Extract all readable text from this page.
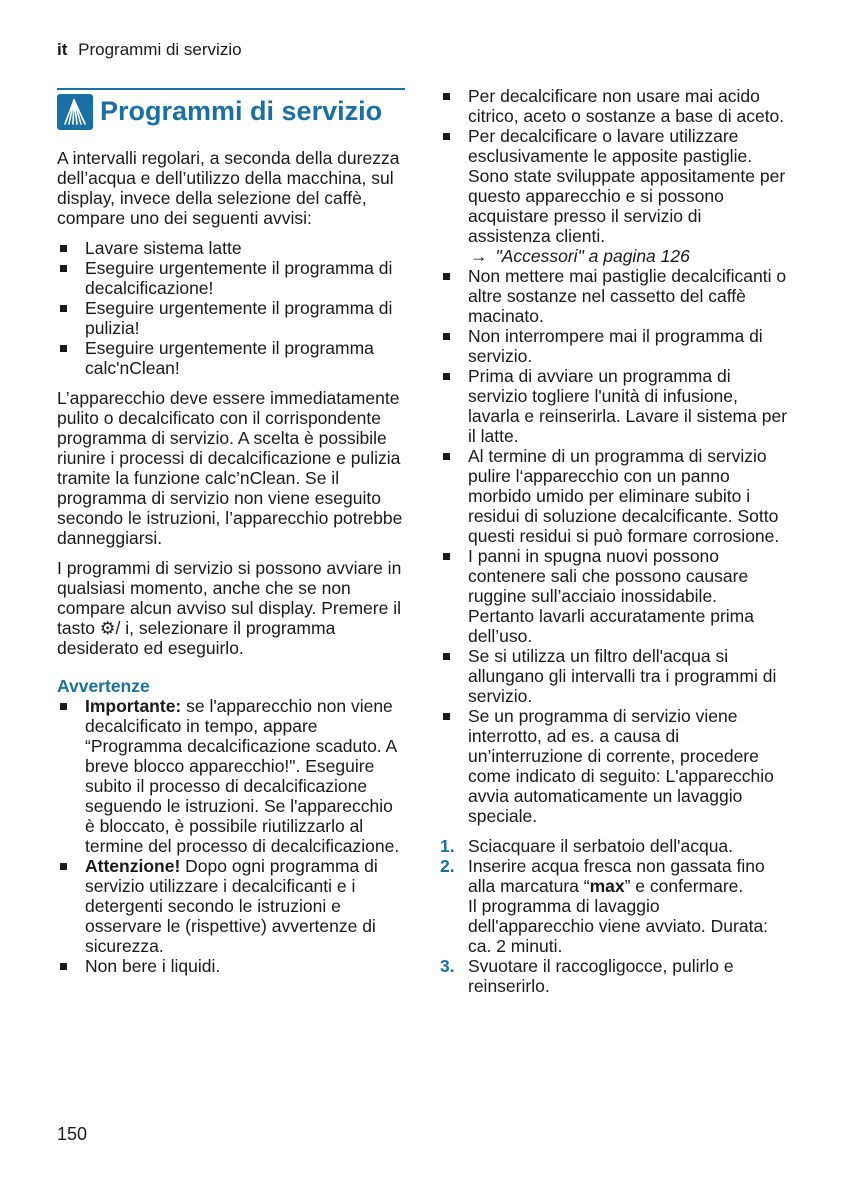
it Programmi di servizio
Programmi di servizio

A intervalli regolari, a seconda della durezza dell’acqua e dell’utilizzo della macchina, sul display, invece della selezione del caffè, compare uno dei seguenti avvisi:

Lavare sistema latte
Eseguire urgentemente il programma di decalcificazione!
Eseguire urgentemente il programma di pulizia!
Eseguire urgentemente il programma calc'nClean!

L’apparecchio deve essere immediatamente pulito o decalcificato con il corrispondente programma di servizio. A scelta è possibile riunire i processi di decalcificazione e pulizia tramite la funzione calc’nClean. Se il programma di servizio non viene eseguito secondo le istruzioni, l’apparecchio potrebbe danneggiarsi.

I programmi di servizio si possono avviare in qualsiasi momento, anche che se non compare alcun avviso sul display. Premere il tasto ⚙/ i, selezionare il programma desiderato ed eseguirlo.

Avvertenze
Importante: se l'apparecchio non viene decalcificato in tempo, appare “Programma decalcificazione scaduto. A breve blocco apparecchio!". Eseguire subito il processo di decalcificazione seguendo le istruzioni. Se l'apparecchio è bloccato, è possibile riutilizzarlo al termine del processo di decalcificazione.
Attenzione! Dopo ogni programma di servizio utilizzare i decalcificanti e i detergenti secondo le istruzioni e osservare le (rispettive) avvertenze di sicurezza.
Non bere i liquidi.
Per decalcificare non usare mai acido citrico, aceto o sostanze a base di aceto.
Per decalcificare o lavare utilizzare esclusivamente le apposite pastiglie. Sono state sviluppate appositamente per questo apparecchio e si possono acquistare presso il servizio di assistenza clienti.
→ "Accessori" a pagina 126
Non mettere mai pastiglie decalcificanti o altre sostanze nel cassetto del caffè macinato.
Non interrompere mai il programma di servizio.
Prima di avviare un programma di servizio togliere l'unità di infusione, lavarla e reinserirla. Lavare il sistema per il latte.
Al termine di un programma di servizio pulire l‘apparecchio con un panno morbido umido per eliminare subito i residui di soluzione decalcificante. Sotto questi residui si può formare corrosione.
I panni in spugna nuovi possono contenere sali che possono causare ruggine sull’acciaio inossidabile. Pertanto lavarli accuratamente prima dell’uso.
Se si utilizza un filtro dell'acqua si allungano gli intervalli tra i programmi di servizio.
Se un programma di servizio viene interrotto, ad es. a causa di un’interruzione di corrente, procedere come indicato di seguito: L'apparecchio avvia automaticamente un lavaggio speciale.
1. Sciacquare il serbatoio dell'acqua.
2. Inserire acqua fresca non gassata fino alla marcatura “max” e confermare.
Il programma di lavaggio dell'apparecchio viene avviato. Durata: ca. 2 minuti.
3. Svuotare il raccogligocce, pulirlo e reinserirlo.
150
